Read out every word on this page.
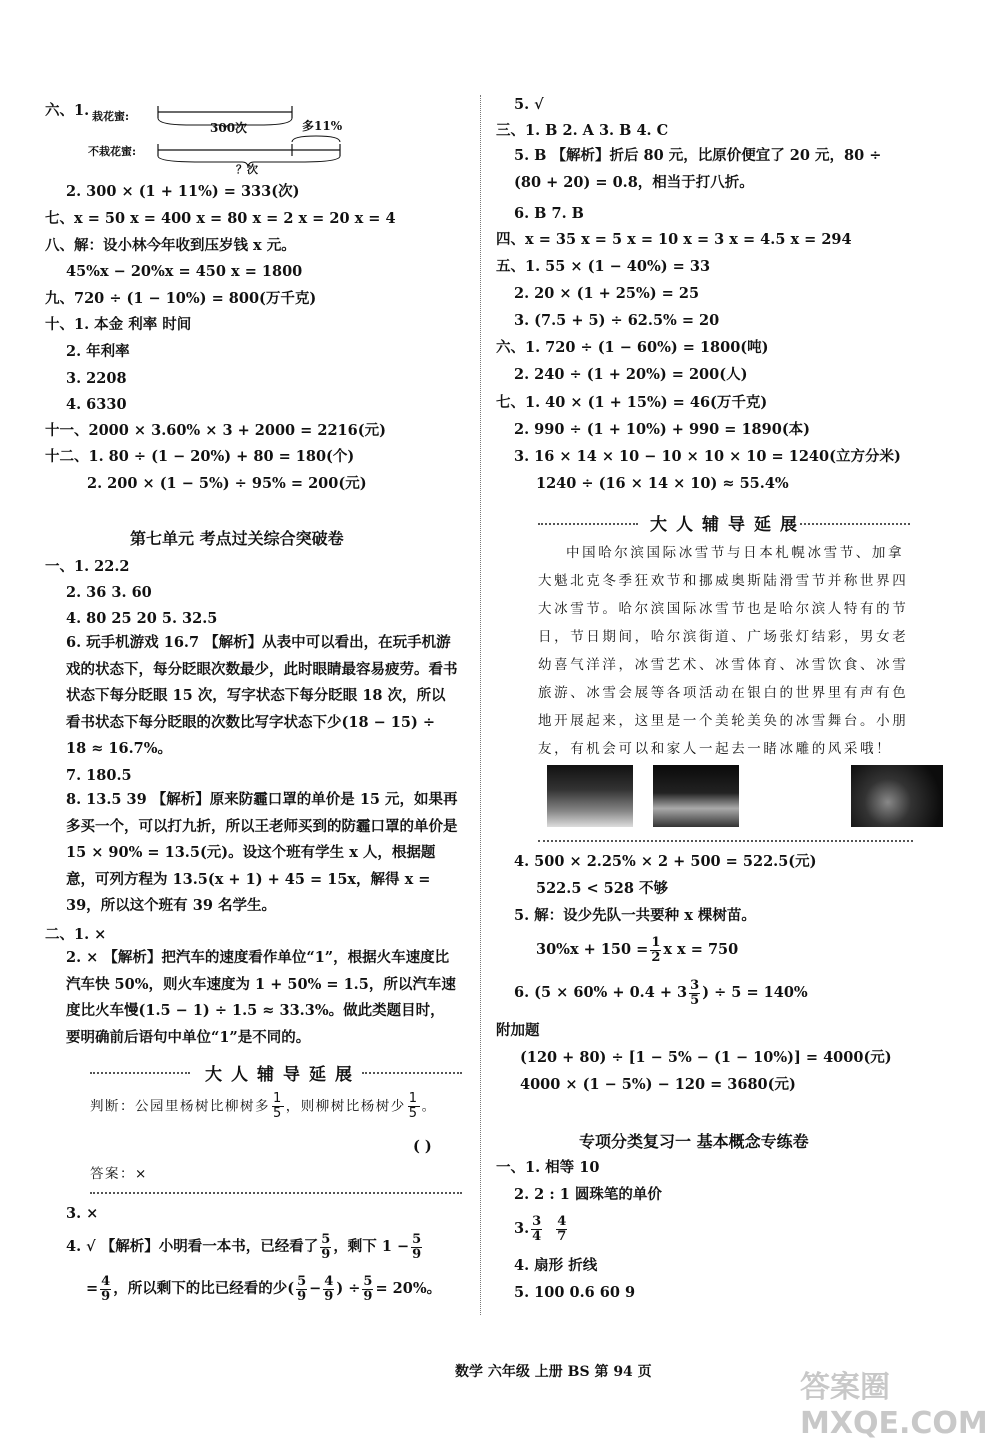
六、1. 栽花蜜:
300次	多11%
不栽花蜜:
？次
2. 300 × (1 + 11%) = 333(次)
七、x = 50 x = 400 x = 80 x = 2 x = 20 x = 4
八、解：设小林今年收到压岁钱 x 元。
45%x − 20%x = 450 x = 1800
九、720 ÷ (1 − 10%) = 800(万千克)
十、1. 本金 利率 时间
2. 年利率
3. 2208
4. 6330
十一、2000 × 3.60% × 3 + 2000 = 2216(元)
十二、1. 80 ÷ (1 − 20%) + 80 = 180(个)
2. 200 × (1 − 5%) ÷ 95% = 200(元)
第七单元 考点过关综合突破卷
一、1. 22.2
2. 36 3. 60
4. 80 25 20 5. 32.5
6. 玩手机游戏 16.7 【解析】从表中可以看出，在玩手机游戏的状态下，每分眨眼次数最少，此时眼睛最容易疲劳。看书状态下每分眨眼 15 次，写字状态下每分眨眼 18 次，所以看书状态下每分眨眼的次数比写字状态下少(18 − 15) ÷ 18 ≈ 16.7%。
7. 180.5
8. 13.5 39 【解析】原来防霾口罩的单价是 15 元，如果再多买一个，可以打九折，所以王老师买到的防霾口罩的单价是 15 × 90% = 13.5(元)。设这个班有学生 x 人，根据题意，可列方程为 13.5(x + 1) + 45 = 15x，解得 x = 39，所以这个班有 39 名学生。
二、1. ×
2. × 【解析】把汽车的速度看作单位“1”，根据火车速度比汽车快 50%，则火车速度为 1 + 50% = 1.5，所以汽车速度比火车慢(1.5 − 1) ÷ 1.5 ≈ 33.3%。做此类题目时，要明确前后语句中单位“1”是不同的。
大人辅导延展
判断：公园里杨树比柳树多 $\frac{1}{5}$ ，则柳树比杨树少 $\frac{1}{5}$ 。
( )
答案：×
3. ×
4. √ 【解析】小明看一本书，已经看了 $\frac{5}{9}$ ，剩下 $1 - \frac{5}{9}$
= $\frac{4}{9}$ ，所以剩下的比已经看的少( $\frac{5}{9} - \frac{4}{9}$ ) ÷ $\frac{5}{9} = 20\%$。
5. √
三、1. B 2. A 3. B 4. C
5. B 【解析】折后 80 元，比原价便宜了 20 元，80 ÷ (80 + 20) = 0.8，相当于打八折。
6. B 7. B
四、x = 35 x = 5 x = 10 x = 3 x = 4.5 x = 294
五、1. 55 × (1 − 40%) = 33
2. 20 × (1 + 25%) = 25
3. (7.5 + 5) ÷ 62.5% = 20
六、1. 720 ÷ (1 − 60%) = 1800(吨)
2. 240 ÷ (1 + 20%) = 200(人)
七、1. 40 × (1 + 15%) = 46(万千克)
2. 990 ÷ (1 + 10%) + 990 = 1890(本)
3. 16 × 14 × 10 − 10 × 10 × 10 = 1240(立方分米)
1240 ÷ (16 × 14 × 10) ≈ 55.4%
大人辅导延展
中国哈尔滨国际冰雪节与日本札幌冰雪节、加拿大魁北克冬季狂欢节和挪威奥斯陆滑雪节并称世界四大冰雪节。哈尔滨国际冰雪节也是哈尔滨人特有的节日，节日期间，哈尔滨街道、广场张灯结彩，男女老幼喜气洋洋，冰雪艺术、冰雪体育、冰雪饮食、冰雪旅游、冰雪会展等各项活动在银白的世界里有声有色地开展起来，这里是一个美轮美奂的冰雪舞台。小朋友，有机会可以和家人一起去一睹冰雕的风采哦！
4. 500 × 2.25% × 2 + 500 = 522.5(元)
522.5 < 528 不够
5. 解：设少先队一共要种 x 棵树苗。
$30\%x + 150 = \frac{1}{2}$ x x = 750
6. ($5 \times 60\% + 0.4 + 3 \frac{3}{5}$ ) ÷ 5 = 140%
附加题
(120 + 80) ÷ [1 − 5% − (1 − 10%)] = 4000(元)
4000 × (1 − 5%) − 120 = 3680(元)
专项分类复习一 基本概念专练卷
一、1. 相等 10
2. 2 : 1 圆珠笔的单价
3. $\frac{3}{4}$
$\frac{4}{7}$
4. 扇形 折线
5. 100 0.6 60 9
数学 六年级 上册 BS 第 94 页	答案圈 MXQE.COM
